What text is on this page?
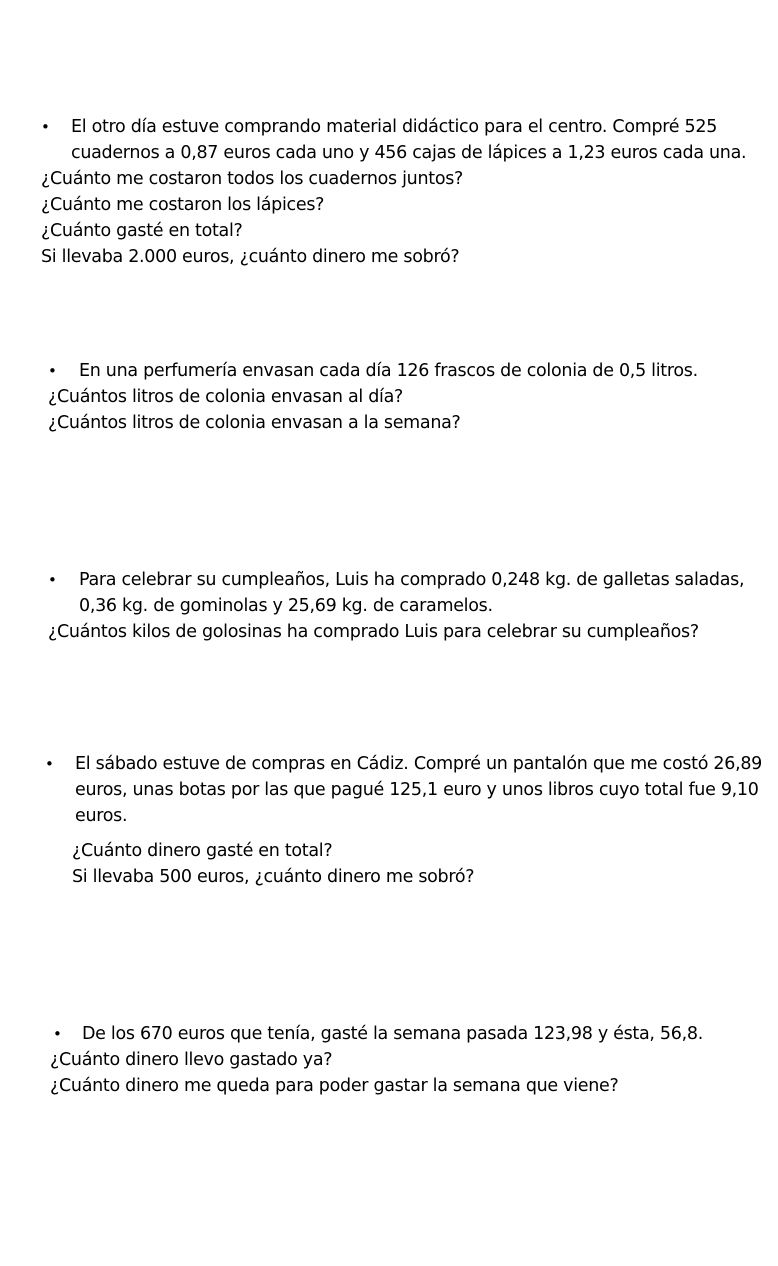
• El otro día estuve comprando material didáctico para el centro. Compré 525 cuadernos a 0,87 euros cada uno y 456 cajas de lápices a 1,23 euros cada una.

¿Cuánto me costaron todos los cuadernos juntos?

¿Cuánto me costaron los lápices?

¿Cuánto gasté en total?

Si llevaba 2.000 euros, ¿cuánto dinero me sobró?

• En una perfumería envasan cada día 126 frascos de colonia de 0,5 litros.

¿Cuántos litros de colonia envasan al día?

¿Cuántos litros de colonia envasan a la semana?

• Para celebrar su cumpleaños, Luis ha comprado 0,248 kg. de galletas saladas, 0,36 kg. de gominolas y 25,69 kg. de caramelos.

¿Cuántos kilos de golosinas ha comprado Luis para celebrar su cumpleaños?

• El sábado estuve de compras en Cádiz. Compré un pantalón que me costó 26,89 euros, unas botas por las que pagué 125,1 euro y unos libros cuyo total fue 9,10 euros.

¿Cuánto dinero gasté en total?

Si llevaba 500 euros, ¿cuánto dinero me sobró?

• De los 670 euros que tenía, gasté la semana pasada 123,98 y ésta, 56,8.

¿Cuánto dinero llevo gastado ya?

¿Cuánto dinero me queda para poder gastar la semana que viene?
